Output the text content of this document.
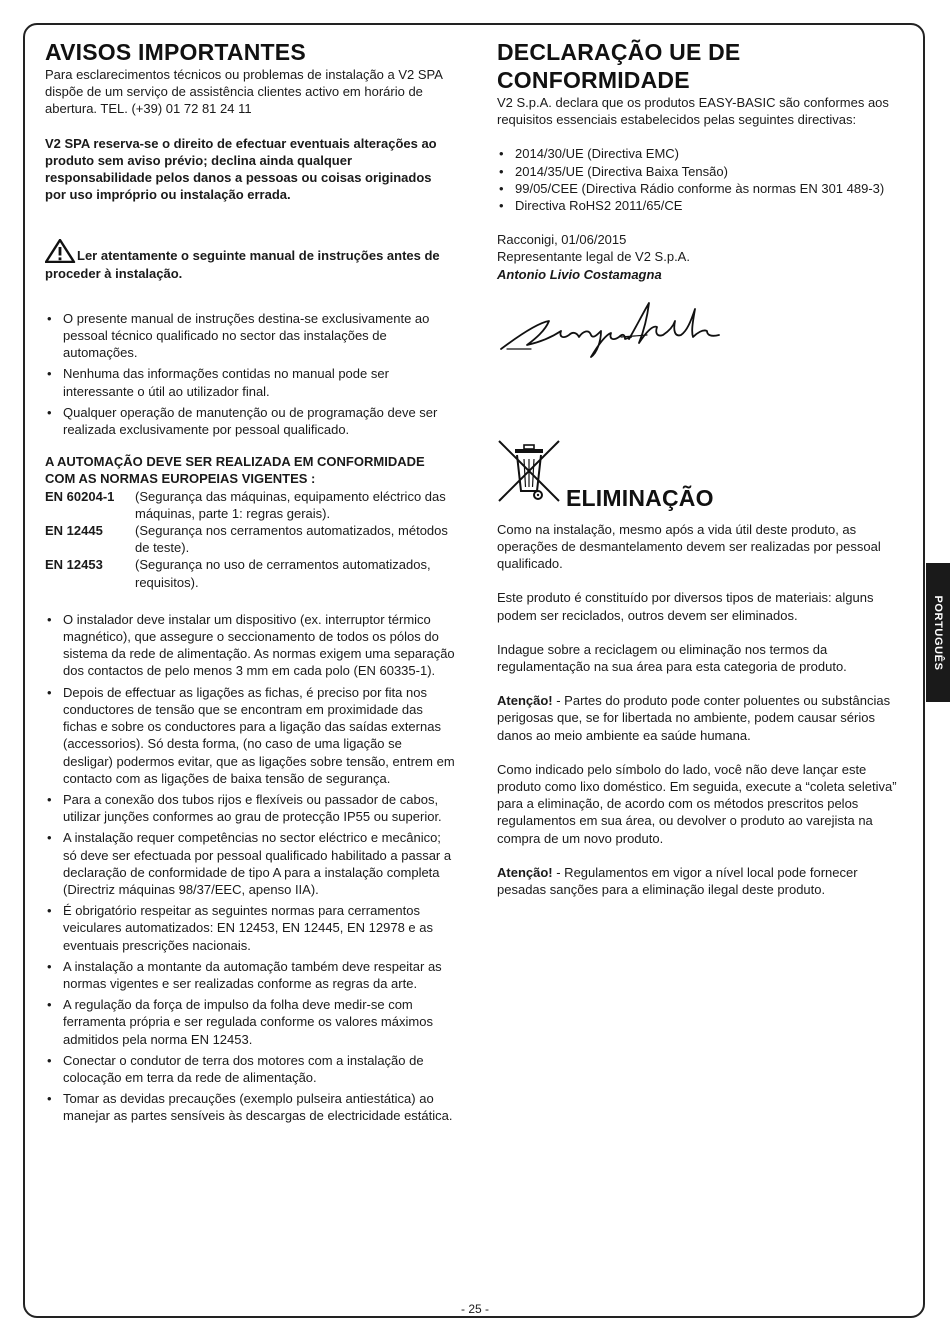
AVISOS IMPORTANTES

Para esclarecimentos técnicos ou problemas de instalação a V2 SPA dispõe de um serviço de assistência clientes activo em horário de abertura. TEL. (+39) 01 72 81 24 11

V2 SPA reserva-se o direito de efectuar eventuais alterações ao produto sem aviso prévio; declina ainda qualquer responsabilidade pelos danos a pessoas ou coisas originados por uso impróprio ou instalação errada.

Ler atentamente o seguinte manual de instruções antes de proceder à instalação.

• O presente manual de instruções destina-se exclusivamente ao pessoal técnico qualificado no sector das instalações de automações.
• Nenhuma das informações contidas no manual pode ser interessante o útil ao utilizador final.
• Qualquer operação de manutenção ou de programação deve ser realizada exclusivamente por pessoal qualificado.

A AUTOMAÇÃO DEVE SER REALIZADA EM CONFORMIDADE COM AS NORMAS EUROPEIAS VIGENTES :

EN 60204-1	(Segurança das máquinas, equipamento eléctrico das máquinas, parte 1: regras gerais).
EN 12445	(Segurança nos cerramentos automatizados, métodos de teste).
EN 12453	(Segurança no uso de cerramentos automatizados, requisitos).
• O instalador deve instalar um dispositivo (ex. interruptor térmico magnético), que assegure o seccionamento de todos os pólos do sistema da rede de alimentação. As normas exigem uma separação dos contactos de pelo menos 3 mm em cada polo (EN 60335-1).
• Depois de effectuar as ligações as fichas, é preciso por fita nos conductores de tensão que se encontram em proximidade das fichas e sobre os conductores para a ligação das saídas externas (accessorios). Só desta forma, (no caso de uma ligação se desligar) podermos evitar, que as ligações sobre tensão, entrem em contacto com as ligações de baixa tensão de segurança.
• Para a conexão dos tubos rijos e flexíveis ou passador de cabos, utilizar junções conformes ao grau de protecção IP55 ou superior.
• A instalação requer competências no sector eléctrico e mecânico; só deve ser efectuada por pessoal qualificado habilitado a passar a declaração de conformidade de tipo A para a instalação completa (Directriz máquinas 98/37/EEC, apenso IIA).
• É obrigatório respeitar as seguintes normas para cerramentos veiculares automatizados: EN 12453, EN 12445, EN 12978 e as eventuais prescrições nacionais.
• A instalação a montante da automação também deve respeitar as normas vigentes e ser realizadas conforme as regras da arte.
• A regulação da força de impulso da folha deve medir-se com ferramenta própria e ser regulada conforme os valores máximos admitidos pela norma EN 12453.
• Conectar o condutor de terra dos motores com a instalação de colocação em terra da rede de alimentação.
• Tomar as devidas precauções (exemplo pulseira antiestática) ao manejar as partes sensíveis às descargas de electricidade estática.
DECLARAÇÃO UE DE CONFORMIDADE

V2 S.p.A. declara que os produtos EASY-BASIC são conformes aos requisitos essenciais estabelecidos pelas seguintes directivas:

• 2014/30/UE (Directiva EMC)
• 2014/35/UE (Directiva Baixa Tensão)
• 99/05/CEE (Directiva Rádio conforme às normas EN 301 489-3)
• Directiva RoHS2 2011/65/CE

Racconigi, 01/06/2015

Representante legal de V2 S.p.A.

Antonio Livio Costamagna

ELIMINAÇÃO

Como na instalação, mesmo após a vida útil deste produto, as operações de desmantelamento devem ser realizadas por pessoal qualificado.

Este produto é constituído por diversos tipos de materiais: alguns podem ser reciclados, outros devem ser eliminados.

Indague sobre a reciclagem ou eliminação nos termos da regulamentação na sua área para esta categoria de produto.

Atenção! - Partes do produto pode conter poluentes ou substâncias perigosas que, se for libertada no ambiente, podem causar sérios danos ao meio ambiente ea saúde humana.

Como indicado pelo símbolo do lado, você não deve lançar este produto como lixo doméstico. Em seguida, execute a “coleta seletiva” para a eliminação, de acordo com os métodos prescritos pelos regulamentos em sua área, ou devolver o produto ao varejista na compra de um novo produto.

Atenção! - Regulamentos em vigor a nível local pode fornecer pesadas sanções para a eliminação ilegal deste produto.

PORTUGUÊS
- 25 -
